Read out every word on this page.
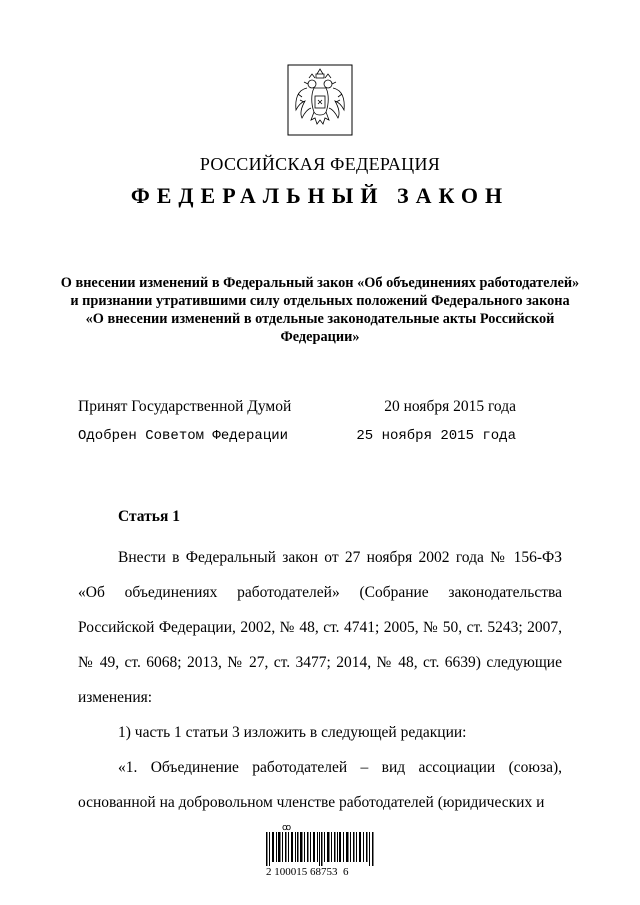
РОССИЙСКАЯ ФЕДЕРАЦИЯ
ФЕДЕРАЛЬНЫЙ ЗАКОН
О внесении изменений в Федеральный закон «Об объединениях работодателей» и признании утратившими силу отдельных положений Федерального закона «О внесении изменений в отдельные законодательные акты Российской Федерации»
Принят Государственной Думой	20 ноября 2015 года
Одобрен Советом Федерации	25 ноября 2015 года
Статья 1

Внести в Федеральный закон от 27 ноября 2002 года № 156-ФЗ «Об объединениях работодателей» (Собрание законодательства Российской Федерации, 2002, № 48, ст. 4741; 2005, № 50, ст. 5243; 2007, № 49, ст. 6068; 2013, № 27, ст. 3477; 2014, № 48, ст. 6639) следующие изменения:

1) часть 1 статьи 3 изложить в следующей редакции:

«1. Объединение работодателей – вид ассоциации (союза), основанной на добровольном членстве работодателей (юридических и

ꝏ
2 100015 68753  6
